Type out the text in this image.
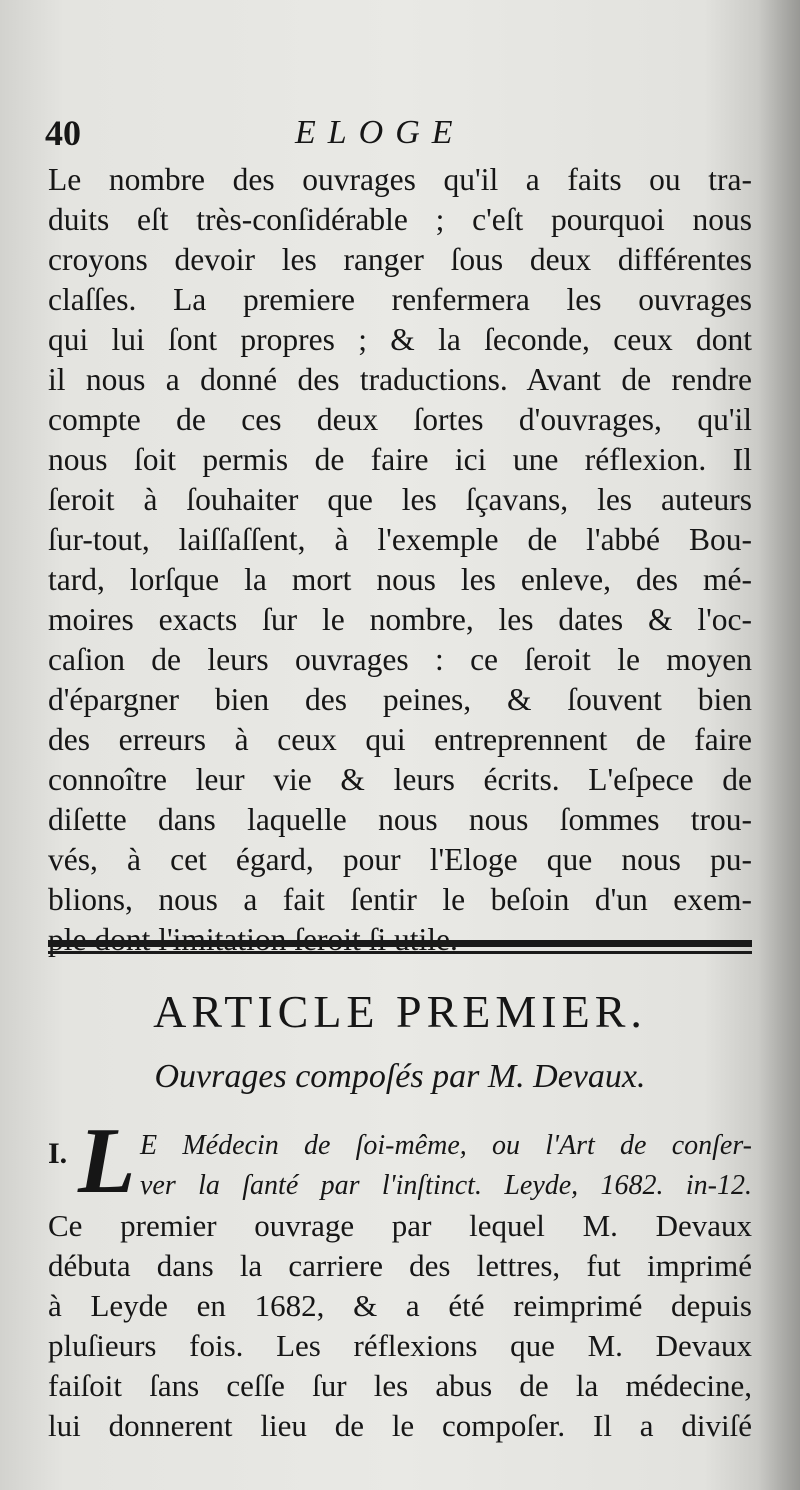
40	ELOGE
Le nombre des ouvrages qu'il a faits ou tra-
duits eſt très-conſidérable ; c'eſt pourquoi nous
croyons devoir les ranger ſous deux différentes
claſſes. La premiere renfermera les ouvrages
qui lui ſont propres ; & la ſeconde, ceux dont
il nous a donné des traductions. Avant de rendre
compte de ces deux ſortes d'ouvrages, qu'il
nous ſoit permis de faire ici une réflexion. Il
ſeroit à ſouhaiter que les ſçavans, les auteurs
ſur-tout, laiſſaſſent, à l'exemple de l'abbé Bou-
tard, lorſque la mort nous les enleve, des mé-
moires exacts ſur le nombre, les dates & l'oc-
caſion de leurs ouvrages : ce ſeroit le moyen
d'épargner bien des peines, & ſouvent bien
des erreurs à ceux qui entreprennent de faire
connoître leur vie & leurs écrits. L'eſpece de
diſette dans laquelle nous nous ſommes trou-
vés, à cet égard, pour l'Eloge que nous pu-
blions, nous a fait ſentir le beſoin d'un exem-
ARTICLE PREMIER.
Ouvrages compoſés par M. Devaux.
I. L E Médecin de ſoi-même, ou l'Art de conſer-
ver la ſanté par l'inſtinct. Leyde, 1682. in-12.
Ce premier ouvrage par lequel M. Devaux
débuta dans la carriere des lettres, fut imprimé
à Leyde en 1682, & a été reimprimé depuis
pluſieurs fois. Les réflexions que M. Devaux
faiſoit ſans ceſſe ſur les abus de la médecine,
lui donnerent lieu de le compoſer. Il a diviſé
